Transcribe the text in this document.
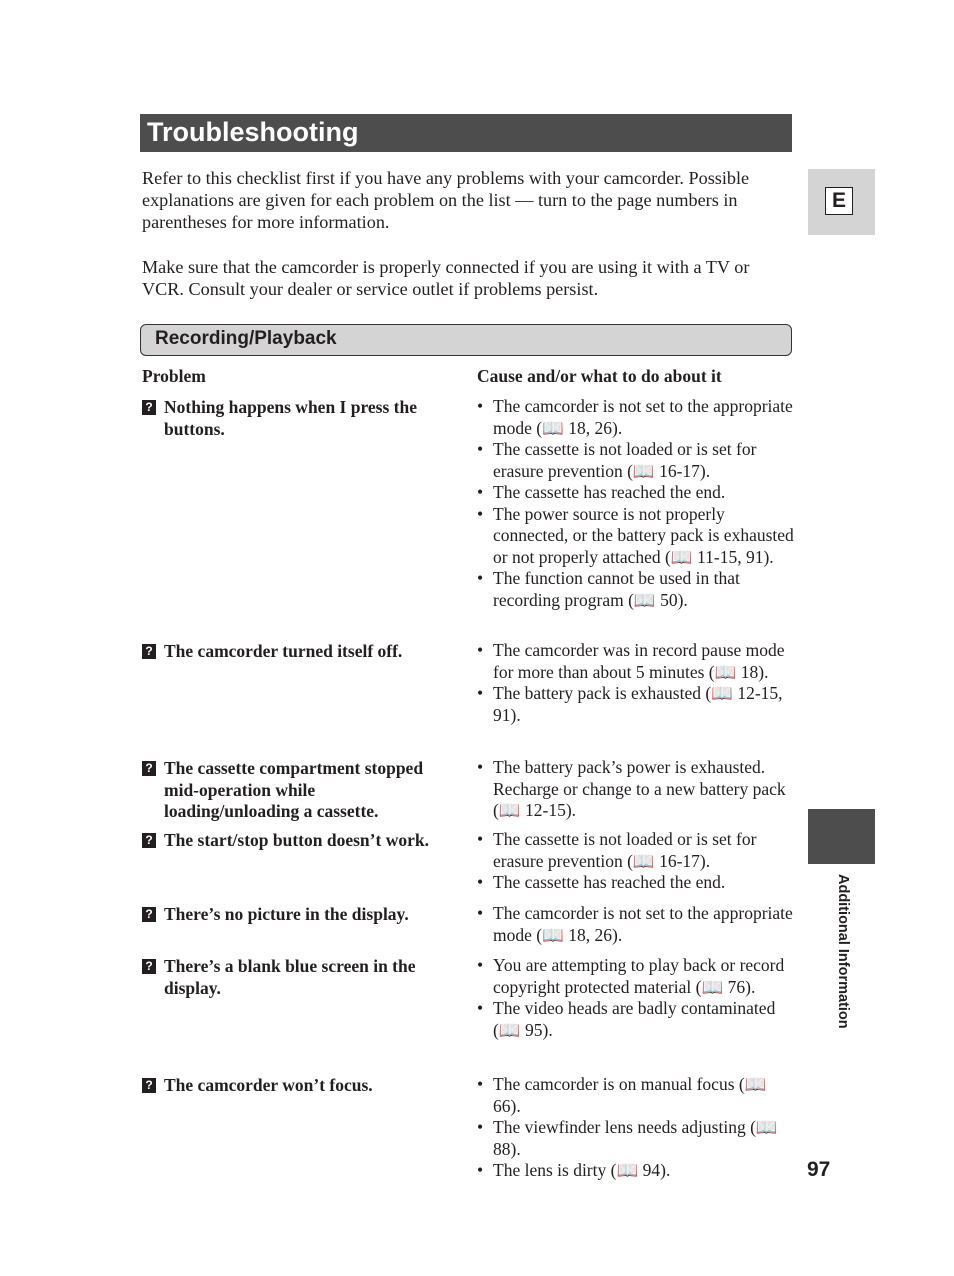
Troubleshooting

Refer to this checklist first if you have any problems with your camcorder. Possible explanations are given for each problem on the list — turn to the page numbers in parentheses for more information.

Make sure that the camcorder is properly connected if you are using it with a TV or VCR. Consult your dealer or service outlet if problems persist.

Recording/Playback
Problem	Cause and/or what to do about it
? Nothing happens when I press the buttons.
• The camcorder is not set to the appropriate mode (📖 18, 26).
• The cassette is not loaded or is set for erasure prevention (📖 16-17).
• The cassette has reached the end.
• The power source is not properly connected, or the battery pack is exhausted or not properly attached (📖 11-15, 91).
• The function cannot be used in that recording program (📖 50).
? The camcorder turned itself off.	• The camcorder was in record pause mode for more than about 5 minutes (📖 18).
• The battery pack is exhausted (📖 12-15, 91).
? The cassette compartment stopped mid-operation while loading/unloading a cassette.
• The battery pack’s power is exhausted. Recharge or change to a new battery pack (📖 12-15).
? The start/stop button doesn’t work.	• The cassette is not loaded or is set for erasure prevention (📖 16-17).
• The cassette has reached the end.
? There’s no picture in the display.	• The camcorder is not set to the appropriate mode (📖 18, 26).
? There’s a blank blue screen in the display.
• You are attempting to play back or record copyright protected material (📖 76).
• The video heads are badly contaminated (📖 95).
? The camcorder won’t focus.	• The camcorder is on manual focus (📖 66).
• The viewfinder lens needs adjusting (📖 88).
• The lens is dirty (📖 94).
E
Additional Information
97
